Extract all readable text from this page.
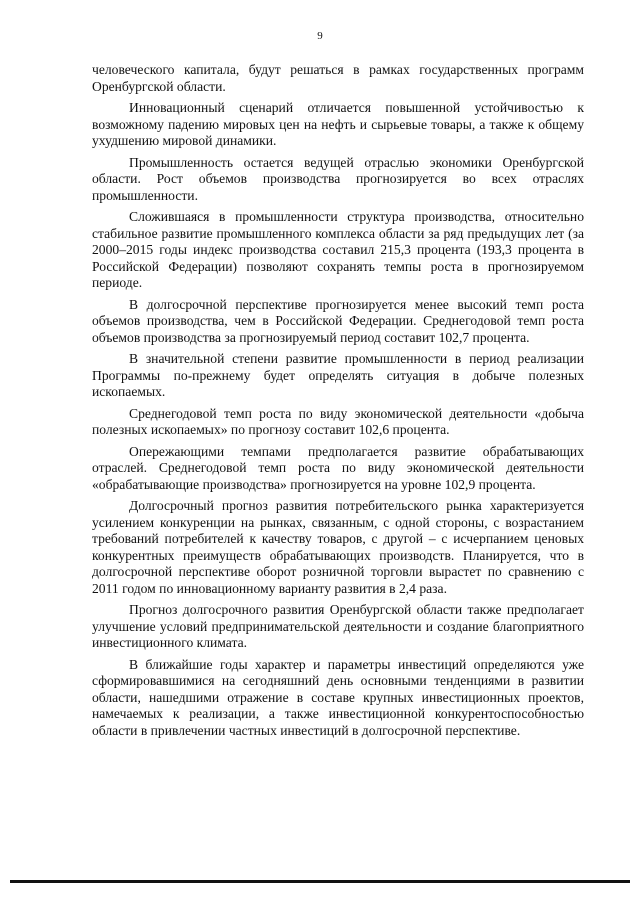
9

человеческого капитала, будут решаться в рамках государственных программ Оренбургской области.

Инновационный сценарий отличается повышенной устойчивостью к возможному падению мировых цен на нефть и сырьевые товары, а также к общему ухудшению мировой динамики.

Промышленность остается ведущей отраслью экономики Оренбургской области. Рост объемов производства прогнозируется во всех отраслях промышленности.

Сложившаяся в промышленности структура производства, относительно стабильное развитие промышленного комплекса области за ряд предыдущих лет (за 2000–2015 годы индекс производства составил 215,3 процента (193,3 процента в Российской Федерации) позволяют сохранять темпы роста в прогнозируемом периоде.

В долгосрочной перспективе прогнозируется менее высокий темп роста объемов производства, чем в Российской Федерации. Среднегодовой темп роста объемов производства за прогнозируемый период составит 102,7 процента.

В значительной степени развитие промышленности в период реализации Программы по-прежнему будет определять ситуация в добыче полезных ископаемых.

Среднегодовой темп роста по виду экономической деятельности «добыча полезных ископаемых» по прогнозу составит 102,6 процента.

Опережающими темпами предполагается развитие обрабатывающих отраслей. Среднегодовой темп роста по виду экономической деятельности «обрабатывающие производства» прогнозируется на уровне 102,9 процента.

Долгосрочный прогноз развития потребительского рынка характеризуется усилением конкуренции на рынках, связанным, с одной стороны, с возрастанием требований потребителей к качеству товаров, с другой – с исчерпанием ценовых конкурентных преимуществ обрабатывающих производств. Планируется, что в долгосрочной перспективе оборот розничной торговли вырастет по сравнению с 2011 годом по инновационному варианту развития в 2,4 раза.

Прогноз долгосрочного развития Оренбургской области также предполагает улучшение условий предпринимательской деятельности и создание благоприятного инвестиционного климата.

В ближайшие годы характер и параметры инвестиций определяются уже сформировавшимися на сегодняшний день основными тенденциями в развитии области, нашедшими отражение в составе крупных инвестиционных проектов, намечаемых к реализации, а также инвестиционной конкурентоспособностью области в привлечении частных инвестиций в долгосрочной перспективе.
